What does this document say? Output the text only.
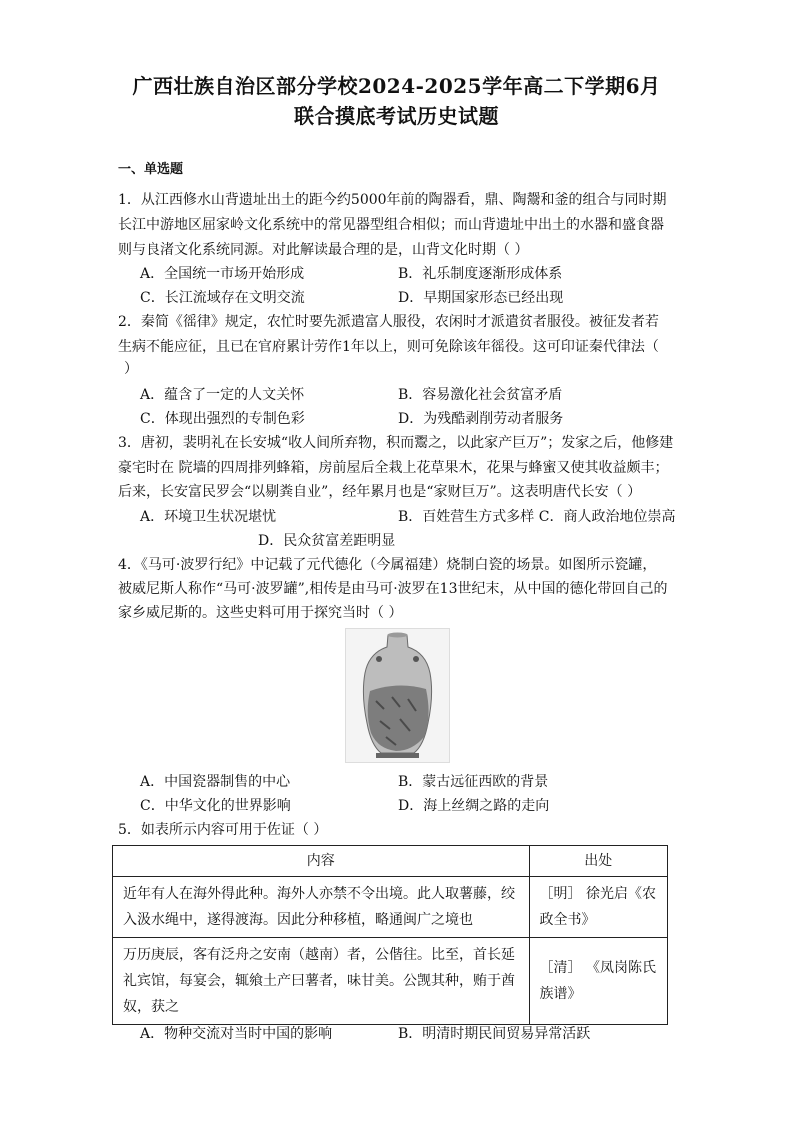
广西壮族自治区部分学校2024-2025学年高二下学期6月
联合摸底考试历史试题
一、单选题
1．从江西修水山背遗址出土的距今约5000年前的陶器看，鼎、陶鬶和釜的组合与同时期
长江中游地区屈家岭文化系统中的常见器型组合相似；而山背遗址中出土的水器和盛食器
则与良渚文化系统同源。对此解读最合理的是，山背文化时期（ ）
A．全国统一市场开始形成	B．礼乐制度逐渐形成体系
C．长江流域存在文明交流	D．早期国家形态已经出现
2．秦简《徭律》规定，农忙时要先派遣富人服役，农闲时才派遣贫者服役。被征发者若
生病不能应征，且已在官府累计劳作1年以上，则可免除该年徭役。这可印证秦代律法（
）
A．蕴含了一定的人文关怀	B．容易激化社会贫富矛盾
C．体现出强烈的专制色彩	D．为残酷剥削劳动者服务
3．唐初，裴明礼在长安城“收人间所弃物，积而鬻之，以此家产巨万”；发家之后，他修建
豪宅时在 院墙的四周排列蜂箱，房前屋后全栽上花草果木，花果与蜂蜜又使其收益颇丰；
后来，长安富民罗会“以剔粪自业”，经年累月也是“家财巨万”。这表明唐代长安（ ）
A．环境卫生状况堪忧	B．百姓营生方式多样 C．商人政治地位崇高
D．民众贫富差距明显
4．《马可·波罗行纪》中记载了元代德化（今属福建）烧制白瓷的场景。如图所示瓷罐，
被威尼斯人称作“马可·波罗罐”,相传是由马可·波罗在13世纪末，从中国的德化带回自己的
家乡威尼斯的。这些史料可用于探究当时（ ）
A．中国瓷器制售的中心	B．蒙古远征西欧的背景
C．中华文化的世界影响	D．海上丝绸之路的走向
5．如表所示内容可用于佐证（ ）
内容	出处
近年有人在海外得此种。海外人亦禁不令出境。此人取薯藤，绞入汲水绳中，遂得渡海。因此分种移植，略通闽广之境也	［明］ 徐光启《农政全书》
万历庚辰，客有泛舟之安南（越南）者，公偕往。比至，首长延礼宾馆，每宴会，辄飨土产曰薯者，味甘美。公觊其种，贿于酋奴，获之	［清］ 《凤岗陈氏族谱》
A．物种交流对当时中国的影响	B．明清时期民间贸易异常活跃
